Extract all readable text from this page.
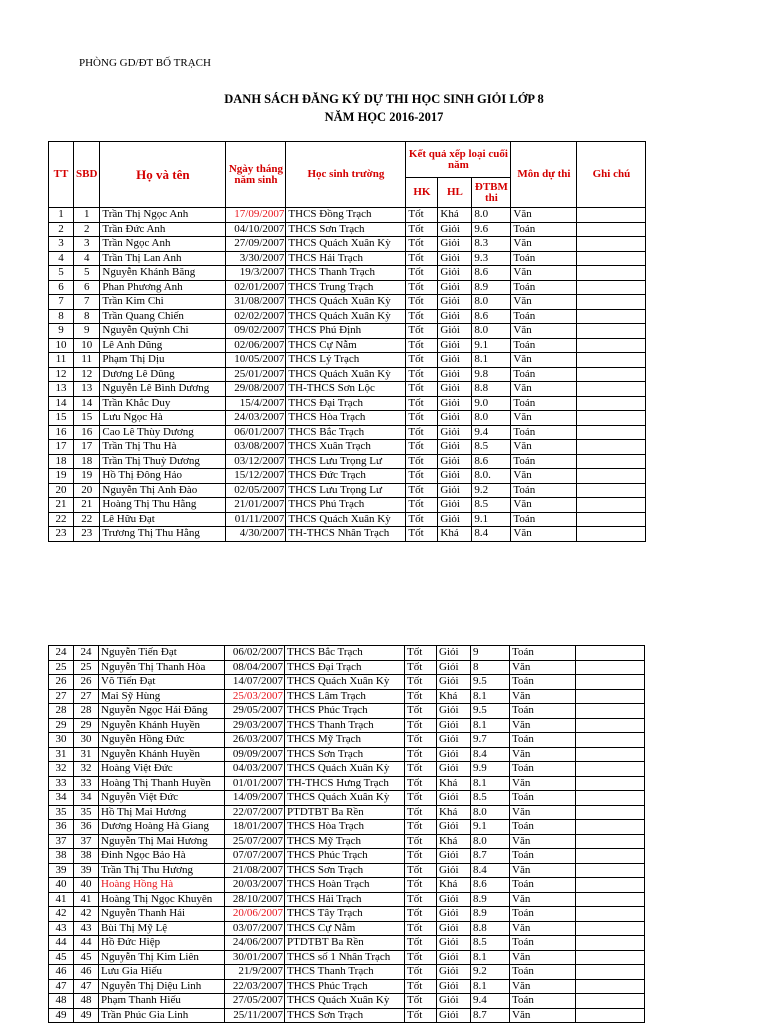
PHÒNG GD/ĐT BỐ TRẠCH
DANH SÁCH ĐĂNG KÝ DỰ THI HỌC SINH GIỎI LỚP 8
NĂM HỌC 2016-2017
TT	SBD	Họ và tên	Ngày tháng năm sinh	Học sinh trường	Kết quả xếp loại cuối năm			Môn dự thi	Ghi chú
					HK	HL	ĐTBM thi		
1	1	Trần Thị Ngọc Anh	17/09/2007	THCS Đồng Trạch	Tốt	Khá	8.0	Văn	
2	2	Trần Đức Anh	04/10/2007	THCS Sơn Trạch	Tốt	Giỏi	9.6	Toán	
3	3	Trần Ngọc Anh	27/09/2007	THCS Quách Xuân Kỳ	Tốt	Giỏi	8.3	Văn	
4	4	Trần Thị Lan Anh	3/30/2007	THCS Hải Trạch	Tốt	Giỏi	9.3	Toán	
5	5	Nguyễn Khánh Băng	19/3/2007	THCS Thanh Trạch	Tốt	Giỏi	8.6	Văn	
6	6	Phan Phương Anh	02/01/2007	THCS Trung Trạch	Tốt	Giỏi	8.9	Toán	
7	7	Trần Kim Chi	31/08/2007	THCS Quách Xuân Kỳ	Tốt	Giỏi	8.0	Văn	
8	8	Trần Quang Chiến	02/02/2007	THCS Quách Xuân Kỳ	Tốt	Giỏi	8.6	Toán	
9	9	Nguyễn Quỳnh Chi	09/02/2007	THCS Phú Định	Tốt	Giỏi	8.0	Văn	
10	10	Lê Anh Dũng	02/06/2007	THCS Cự Nẫm	Tốt	Giỏi	9.1	Toán	
11	11	Phạm Thị Dịu	10/05/2007	THCS Lý Trạch	Tốt	Giỏi	8.1	Văn	
12	12	Dương Lê Dũng	25/01/2007	THCS Quách Xuân Kỳ	Tốt	Giỏi	9.8	Toán	
13	13	Nguyễn Lê Bình Dương	29/08/2007	TH-THCS Sơn Lộc	Tốt	Giỏi	8.8	Văn	
14	14	Trần Khắc Duy	15/4/2007	THCS Đại Trạch	Tốt	Giỏi	9.0	Toán	
15	15	Lưu Ngọc Hà	24/03/2007	THCS Hòa Trạch	Tốt	Giỏi	8.0	Văn	
16	16	Cao Lê Thùy Dương	06/01/2007	THCS Bắc Trạch	Tốt	Giỏi	9.4	Toán	
17	17	Trần Thị Thu Hà	03/08/2007	THCS Xuân Trạch	Tốt	Giỏi	8.5	Văn	
18	18	Trần Thị Thuỳ Dương	03/12/2007	THCS Lưu Trọng Lư	Tốt	Giỏi	8.6	Toán	
19	19	Hồ Thị Đông Hảo	15/12/2007	THCS Đức Trạch	Tốt	Giỏi	8.0.	Văn	
20	20	Nguyễn Thị Anh Đào	02/05/2007	THCS Lưu Trọng Lư	Tốt	Giỏi	9.2	Toán	
21	21	Hoàng Thị Thu Hằng	21/01/2007	THCS Phú Trạch	Tốt	Giỏi	8.5	Văn	
22	22	Lê Hữu Đạt	01/11/2007	THCS Quách Xuân Kỳ	Tốt	Giỏi	9.1	Toán	
23	23	Trương Thị Thu Hằng	4/30/2007	TH-THCS Nhân Trạch	Tốt	Khá	8.4	Văn	
24	24	Nguyễn Tiến Đạt	06/02/2007	THCS Bắc Trạch	Tốt	Giỏi	9	Toán	
25	25	Nguyễn Thị Thanh Hòa	08/04/2007	THCS Đại Trạch	Tốt	Giỏi	8	Văn	
26	26	Võ Tiến Đạt	14/07/2007	THCS Quách Xuân Kỳ	Tốt	Giỏi	9.5	Toán	
27	27	Mai Sỹ Hùng	25/03/2007	THCS Lâm Trạch	Tốt	Khá	8.1	Văn	
28	28	Nguyễn Ngọc Hải Đăng	29/05/2007	THCS Phúc Trạch	Tốt	Giỏi	9.5	Toán	
29	29	Nguyễn Khánh Huyền	29/03/2007	THCS Thanh Trạch	Tốt	Giỏi	8.1	Văn	
30	30	Nguyễn Hồng Đức	26/03/2007	THCS Mỹ Trạch	Tốt	Giỏi	9.7	Toán	
31	31	Nguyễn Khánh Huyền	09/09/2007	THCS Sơn Trạch	Tốt	Giỏi	8.4	Văn	
32	32	Hoàng Việt Đức	04/03/2007	THCS Quách Xuân Kỳ	Tốt	Giỏi	9.9	Toán	
33	33	Hoàng Thị Thanh Huyền	01/01/2007	TH-THCS Hưng Trạch	Tốt	Khá	8.1	Văn	
34	34	Nguyễn Việt Đức	14/09/2007	THCS Quách Xuân Kỳ	Tốt	Giỏi	8.5	Toán	
35	35	Hồ Thị Mai Hương	22/07/2007	PTDTBT Ba Rền	Tốt	Khá	8.0	Văn	
36	36	Dương Hoàng Hà Giang	18/01/2007	THCS Hòa Trạch	Tốt	Giỏi	9.1	Toán	
37	37	Nguyễn Thị Mai Hương	25/07/2007	THCS Mỹ Trạch	Tốt	Khá	8.0	Văn	
38	38	Đinh Ngọc Bảo Hà	07/07/2007	THCS Phúc Trạch	Tốt	Giỏi	8.7	Toán	
39	39	Trần Thị Thu Hương	21/08/2007	THCS Sơn Trạch	Tốt	Giỏi	8.4	Văn	
40	40	Hoàng Hồng Hà	20/03/2007	THCS Hoàn Trạch	Tốt	Khá	8.6	Toán	
41	41	Hoàng Thị Ngọc Khuyên	28/10/2007	THCS Hải Trạch	Tốt	Giỏi	8.9	Văn	
42	42	Nguyễn Thanh Hải	20/06/2007	THCS Tây Trạch	Tốt	Giỏi	8.9	Toán	
43	43	Bùi Thị Mỹ Lệ	03/07/2007	THCS Cự Nẫm	Tốt	Giỏi	8.8	Văn	
44	44	Hồ Đức Hiệp	24/06/2007	PTDTBT Ba Rền	Tốt	Giỏi	8.5	Toán	
45	45	Nguyễn Thị Kim Liên	30/01/2007	THCS số 1 Nhân Trạch	Tốt	Giỏi	8.1	Văn	
46	46	Lưu Gia Hiếu	21/9/2007	THCS Thanh Trạch	Tốt	Giỏi	9.2	Toán	
47	47	Nguyễn Thị Diệu Linh	22/03/2007	THCS Phúc Trạch	Tốt	Giỏi	8.1	Văn	
48	48	Phạm Thanh Hiếu	27/05/2007	THCS Quách Xuân Kỳ	Tốt	Giỏi	9.4	Toán	
49	49	Trần Phúc Gia Linh	25/11/2007	THCS Sơn Trạch	Tốt	Giỏi	8.7	Văn	
